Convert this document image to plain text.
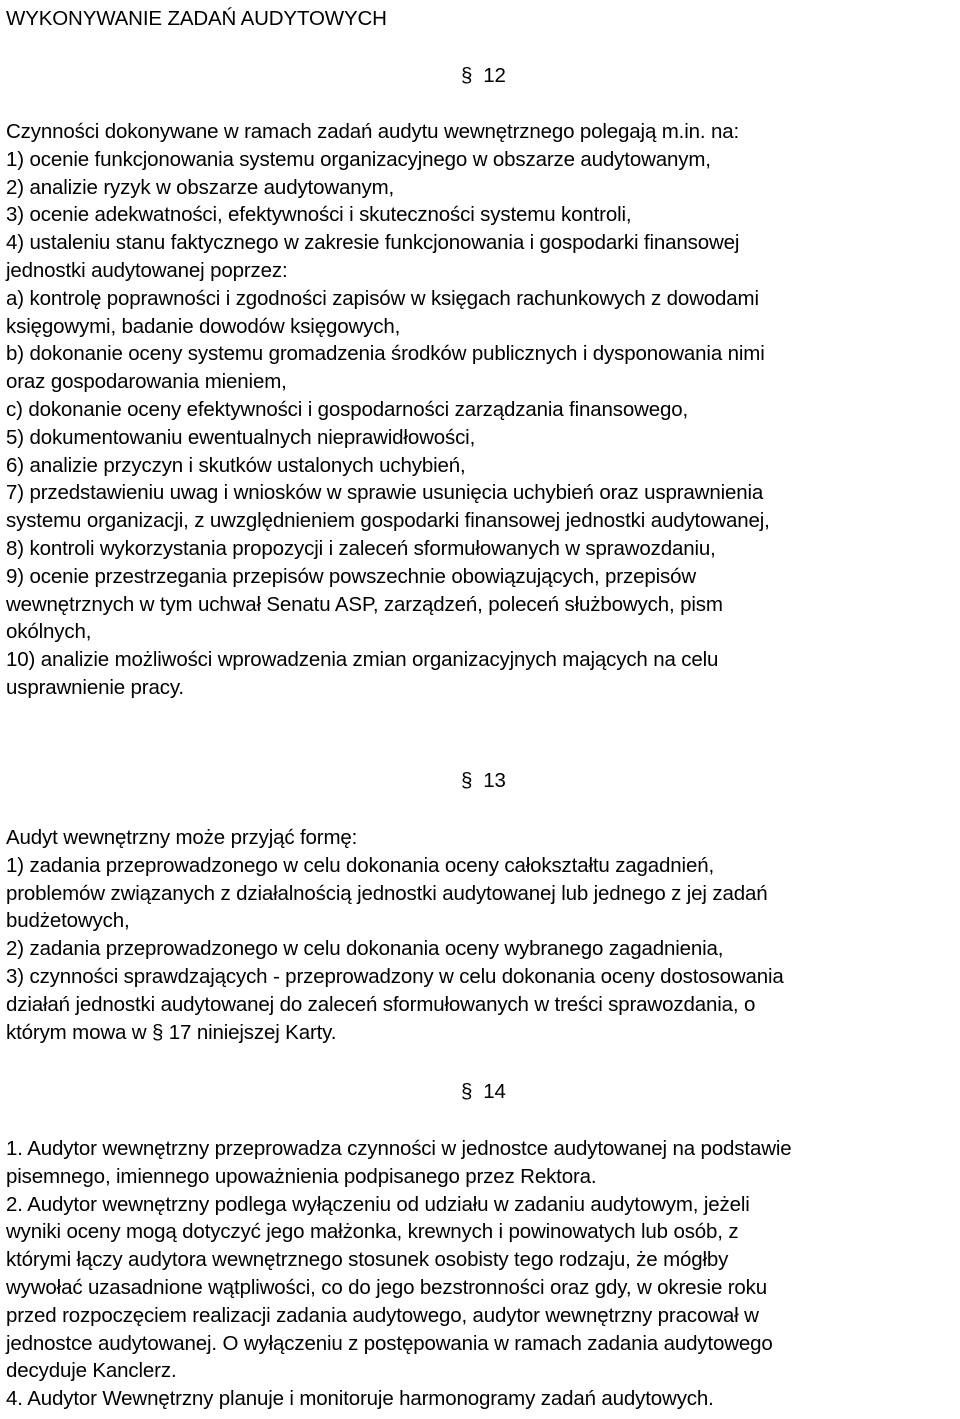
WYKONYWANIE ZADAŃ AUDYTOWYCH
§ 12
Czynności dokonywane w ramach zadań audytu wewnętrznego polegają m.in. na:
1) ocenie funkcjonowania systemu organizacyjnego w obszarze audytowanym,
2) analizie ryzyk w obszarze audytowanym,
3) ocenie adekwatności, efektywności i skuteczności systemu kontroli,
4) ustaleniu stanu faktycznego w zakresie funkcjonowania i gospodarki finansowej
jednostki audytowanej poprzez:
a) kontrolę poprawności i zgodności zapisów w księgach rachunkowych z dowodami
księgowymi, badanie dowodów księgowych,
b) dokonanie oceny systemu gromadzenia środków publicznych i dysponowania nimi
oraz gospodarowania mieniem,
c) dokonanie oceny efektywności i gospodarności zarządzania finansowego,
5) dokumentowaniu ewentualnych nieprawidłowości,
6) analizie przyczyn i skutków ustalonych uchybień,
7) przedstawieniu uwag i wniosków w sprawie usunięcia uchybień oraz usprawnienia
systemu organizacji, z uwzględnieniem gospodarki finansowej jednostki audytowanej,
8) kontroli wykorzystania propozycji i zaleceń sformułowanych w sprawozdaniu,
9) ocenie przestrzegania przepisów powszechnie obowiązujących, przepisów
wewnętrznych w tym uchwał Senatu ASP, zarządzeń, poleceń służbowych, pism
okólnych,
10) analizie możliwości wprowadzenia zmian organizacyjnych mających na celu
usprawnienie pracy.
§ 13
Audyt wewnętrzny może przyjąć formę:
1) zadania przeprowadzonego w celu dokonania oceny całokształtu zagadnień,
problemów związanych z działalnością jednostki audytowanej lub jednego z jej zadań
budżetowych,
2) zadania przeprowadzonego w celu dokonania oceny wybranego zagadnienia,
3) czynności sprawdzających - przeprowadzony w celu dokonania oceny dostosowania
działań jednostki audytowanej do zaleceń sformułowanych w treści sprawozdania, o
którym mowa w § 17 niniejszej Karty.
§ 14
1. Audytor wewnętrzny przeprowadza czynności w jednostce audytowanej na podstawie
pisemnego, imiennego upoważnienia podpisanego przez Rektora.
2. Audytor wewnętrzny podlega wyłączeniu od udziału w zadaniu audytowym, jeżeli
wyniki oceny mogą dotyczyć jego małżonka, krewnych i powinowatych lub osób, z
którymi łączy audytora wewnętrznego stosunek osobisty tego rodzaju, że mógłby
wywołać uzasadnione wątpliwości, co do jego bezstronności oraz gdy, w okresie roku
przed rozpoczęciem realizacji zadania audytowego, audytor wewnętrzny pracował w
jednostce audytowanej. O wyłączeniu z postępowania w ramach zadania audytowego
decyduje Kanclerz.
4. Audytor Wewnętrzny planuje i monitoruje harmonogramy zadań audytowych.
